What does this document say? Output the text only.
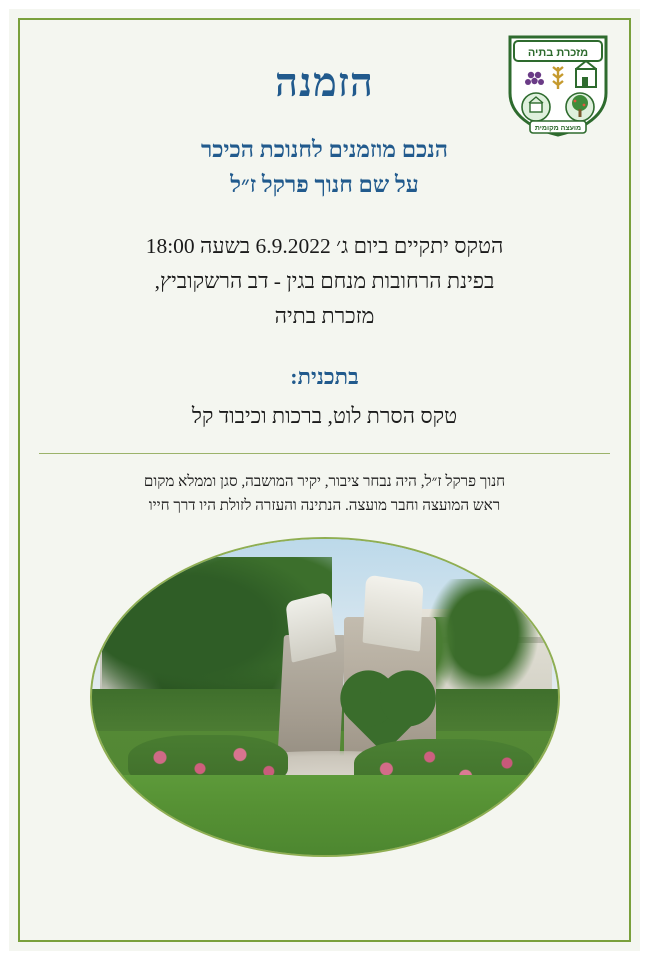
מזכרת בתיה
מועצה מקומית
הזמנה
הנכם מוזמנים לחנוכת הכיכר
על שם חנוך פרקל ז״ל
הטקס יתקיים ביום ג׳ 6.9.2022 בשעה 18:00
בפינת הרחובות מנחם בגין - דב הרשקוביץ,
מזכרת בתיה
בתכנית:
טקס הסרת לוט, ברכות וכיבוד קל
חנוך פרקל ז״ל, היה נבחר ציבור, יקיר המושבה, סגן וממלא מקום
ראש המועצה וחבר מועצה. הנתינה והעזרה לזולת היו דרך חייו
